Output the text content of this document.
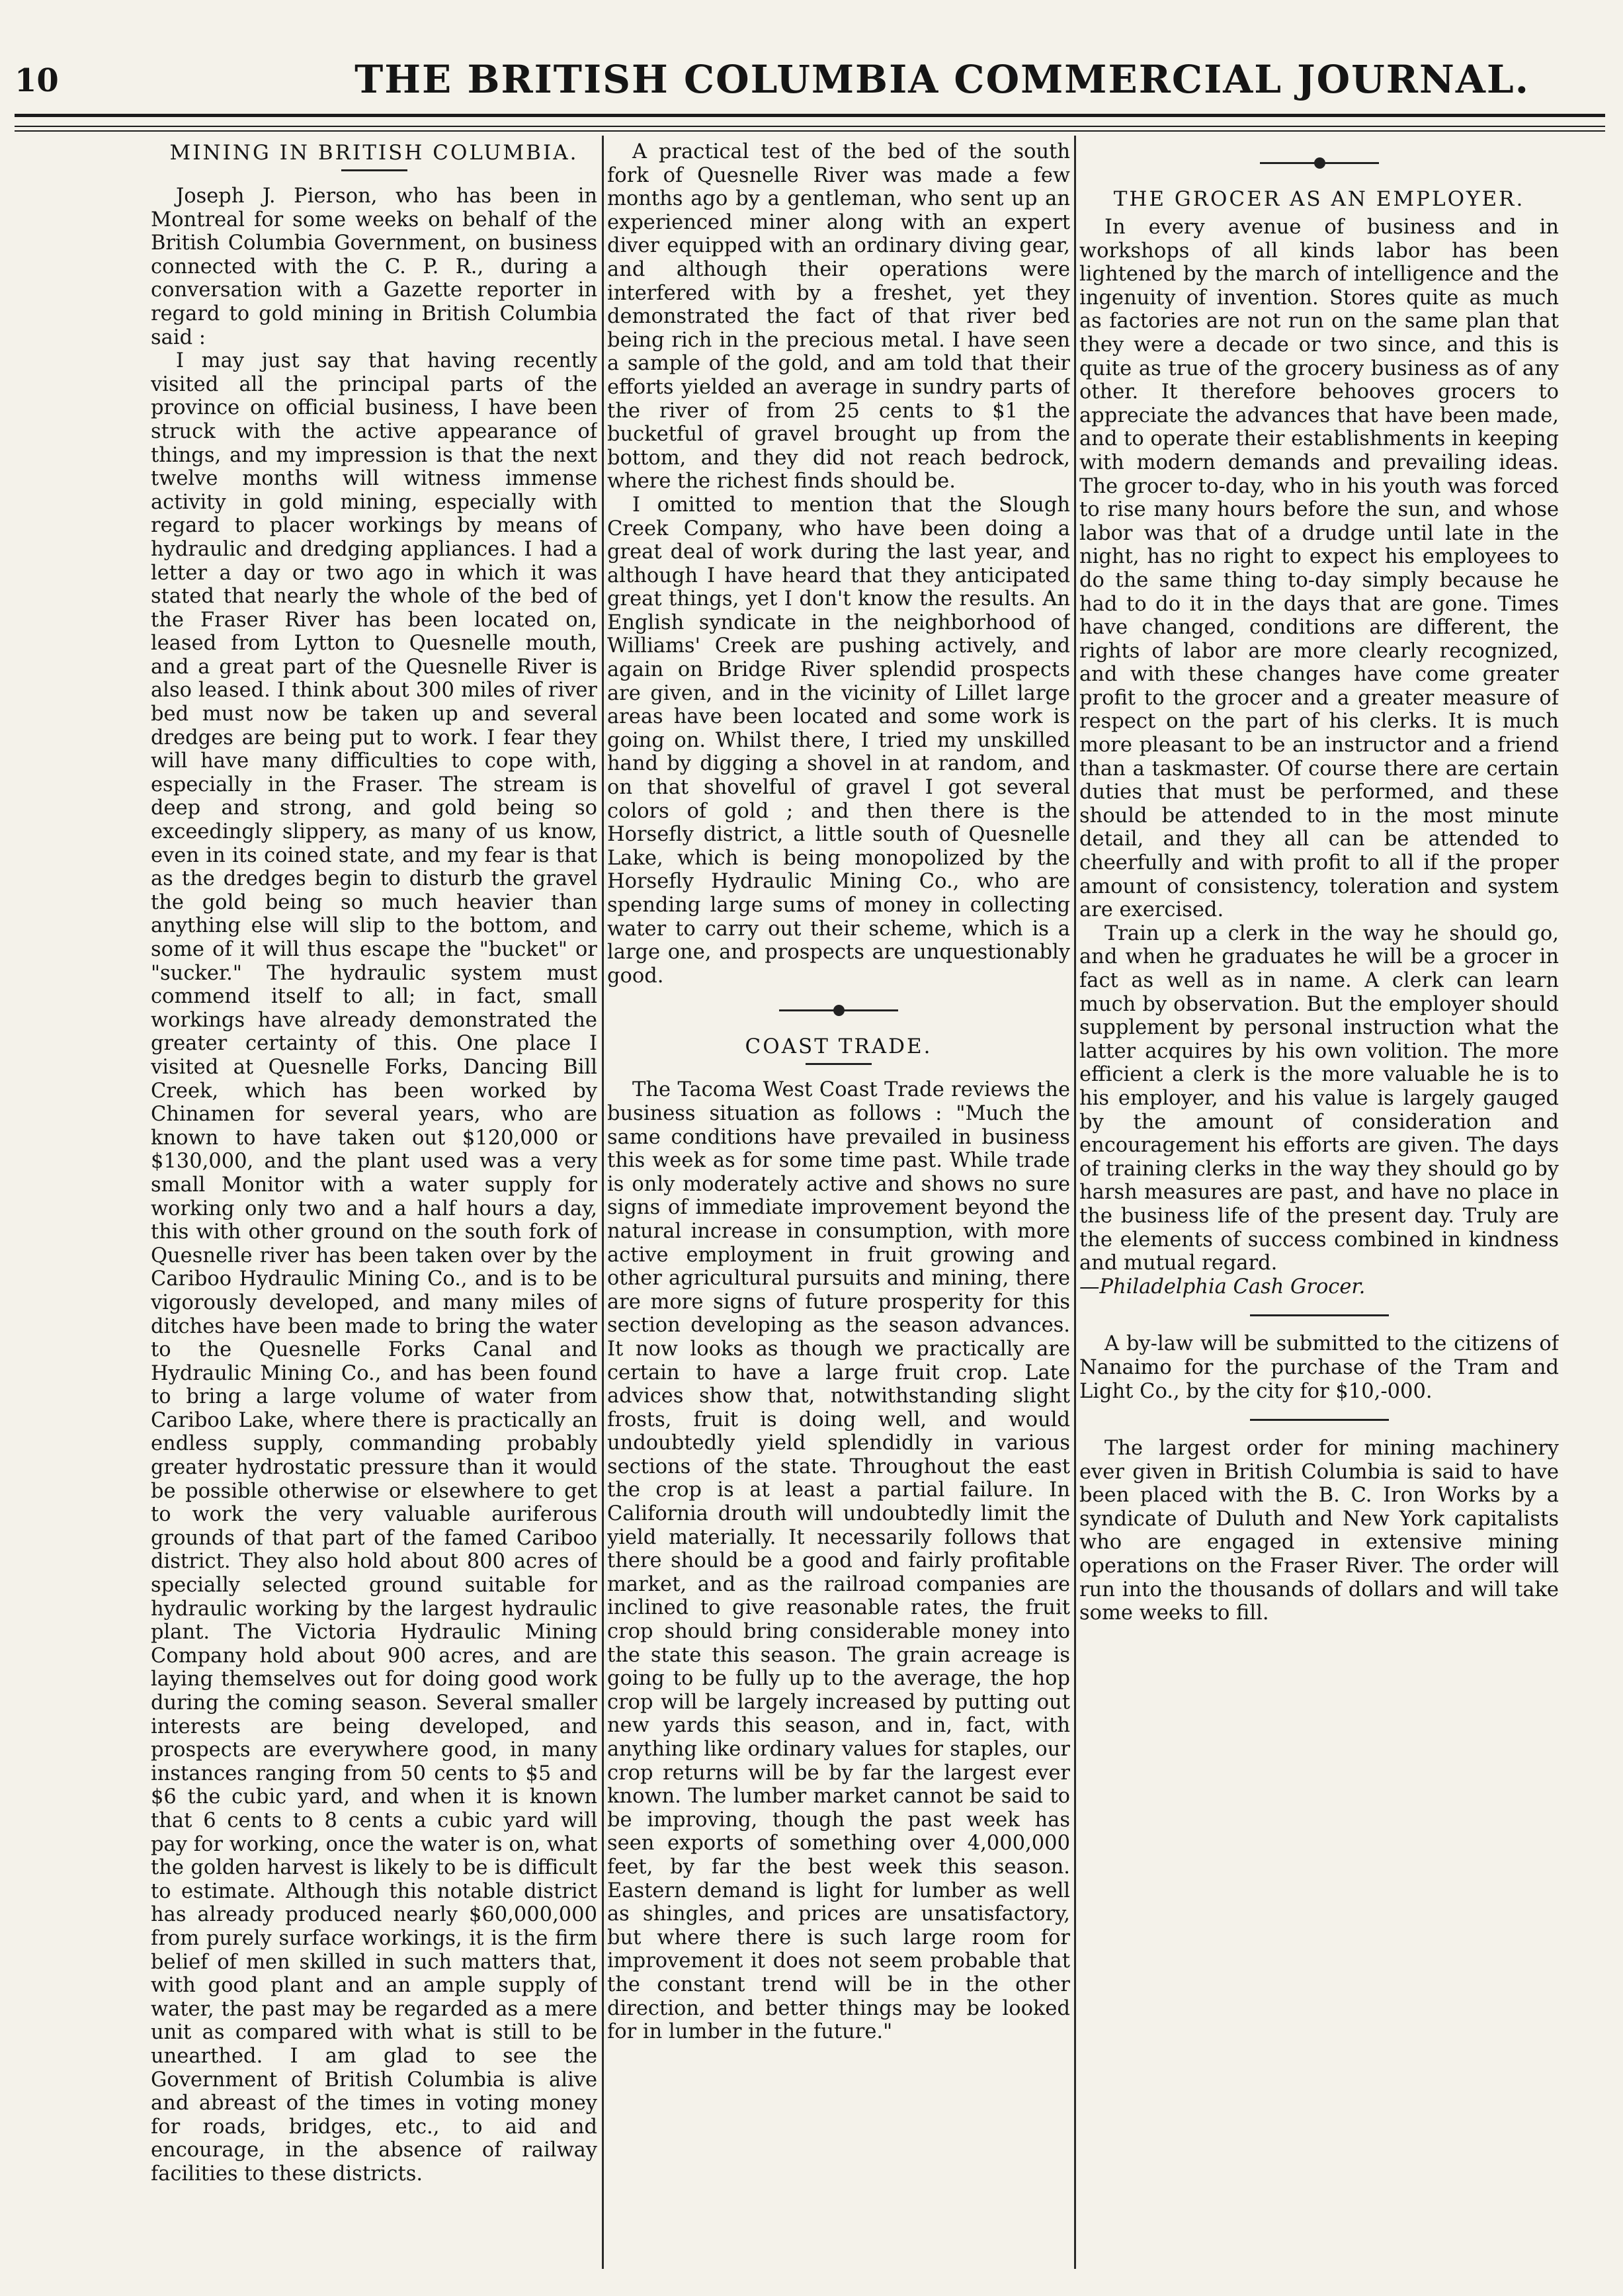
10	THE BRITISH COLUMBIA COMMERCIAL JOURNAL.
MINING IN BRITISH COLUMBIA.

Joseph J. Pierson, who has been in Montreal for some weeks on behalf of the British Columbia Government, on business connected with the C. P. R., during a conversation with a Gazette reporter in regard to gold mining in British Columbia said :

I may just say that having recently visited all the principal parts of the province on official business, I have been struck with the active appearance of things, and my impression is that the next twelve months will witness immense activity in gold mining, especially with regard to placer workings by means of hydraulic and dredging appliances. I had a letter a day or two ago in which it was stated that nearly the whole of the bed of the Fraser River has been located on, leased from Lytton to Quesnelle mouth, and a great part of the Quesnelle River is also leased. I think about 300 miles of river bed must now be taken up and several dredges are being put to work. I fear they will have many difficulties to cope with, especially in the Fraser. The stream is deep and strong, and gold being so exceedingly slippery, as many of us know, even in its coined state, and my fear is that as the dredges begin to disturb the gravel the gold being so much heavier than anything else will slip to the bottom, and some of it will thus escape the "bucket" or "sucker." The hydraulic system must commend itself to all; in fact, small workings have already demonstrated the greater certainty of this. One place I visited at Quesnelle Forks, Dancing Bill Creek, which has been worked by Chinamen for several years, who are known to have taken out $120,000 or $130,000, and the plant used was a very small Monitor with a water supply for working only two and a half hours a day, this with other ground on the south fork of Quesnelle river has been taken over by the Cariboo Hydraulic Mining Co., and is to be vigorously developed, and many miles of ditches have been made to bring the water to the Quesnelle Forks Canal and Hydraulic Mining Co., and has been found to bring a large volume of water from Cariboo Lake, where there is practically an endless supply, commanding probably greater hydrostatic pressure than it would be possible otherwise or elsewhere to get to work the very valuable auriferous grounds of that part of the famed Cariboo district. They also hold about 800 acres of specially selected ground suitable for hydraulic working by the largest hydraulic plant. The Victoria Hydraulic Mining Company hold about 900 acres, and are laying themselves out for doing good work during the coming season. Several smaller interests are being developed, and prospects are everywhere good, in many instances ranging from 50 cents to $5 and $6 the cubic yard, and when it is known that 6 cents to 8 cents a cubic yard will pay for working, once the water is on, what the golden harvest is likely to be is difficult to estimate. Although this notable district has already produced nearly $60,000,000 from purely surface workings, it is the firm belief of men skilled in such matters that, with good plant and an ample supply of water, the past may be regarded as a mere unit as compared with what is still to be unearthed. I am glad to see the Government of British Columbia is alive and abreast of the times in voting money for roads, bridges, etc., to aid and encourage, in the absence of railway facilities to these districts.

A practical test of the bed of the south fork of Quesnelle River was made a few months ago by a gentleman, who sent up an experienced miner along with an expert diver equipped with an ordinary diving gear, and although their operations were interfered with by a freshet, yet they demonstrated the fact of that river bed being rich in the precious metal. I have seen a sample of the gold, and am told that their efforts yielded an average in sundry parts of the river of from 25 cents to $1 the bucketful of gravel brought up from the bottom, and they did not reach bedrock, where the richest finds should be.

I omitted to mention that the Slough Creek Company, who have been doing a great deal of work during the last year, and although I have heard that they anticipated great things, yet I don't know the results. An English syndicate in the neighborhood of Williams' Creek are pushing actively, and again on Bridge River splendid prospects are given, and in the vicinity of Lillet large areas have been located and some work is going on. Whilst there, I tried my unskilled hand by digging a shovel in at random, and on that shovelful of gravel I got several colors of gold ; and then there is the Horsefly district, a little south of Quesnelle Lake, which is being monopolized by the Horsefly Hydraulic Mining Co., who are spending large sums of money in collecting water to carry out their scheme, which is a large one, and prospects are unquestionably good.

COAST TRADE.

The Tacoma West Coast Trade reviews the business situation as follows : "Much the same conditions have prevailed in business this week as for some time past. While trade is only moderately active and shows no sure signs of immediate improvement beyond the natural increase in consumption, with more active employment in fruit growing and other agricultural pursuits and mining, there are more signs of future prosperity for this section developing as the season advances. It now looks as though we practically are certain to have a large fruit crop. Late advices show that, notwithstanding slight frosts, fruit is doing well, and would undoubtedly yield splendidly in various sections of the state. Throughout the east the crop is at least a partial failure. In California drouth will undoubtedly limit the yield materially. It necessarily follows that there should be a good and fairly profitable market, and as the railroad companies are inclined to give reasonable rates, the fruit crop should bring considerable money into the state this season. The grain acreage is going to be fully up to the average, the hop crop will be largely increased by putting out new yards this season, and in, fact, with anything like ordinary values for staples, our crop returns will be by far the largest ever known. The lumber market cannot be said to be improving, though the past week has seen exports of something over 4,000,000 feet, by far the best week this season. Eastern demand is light for lumber as well as shingles, and prices are unsatisfactory, but where there is such large room for improvement it does not seem probable that the constant trend will be in the other direction, and better things may be looked for in lumber in the future."

THE GROCER AS AN EMPLOYER.

In every avenue of business and in workshops of all kinds labor has been lightened by the march of intelligence and the ingenuity of invention. Stores quite as much as factories are not run on the same plan that they were a decade or two since, and this is quite as true of the grocery business as of any other. It therefore behooves grocers to appreciate the advances that have been made, and to operate their establishments in keeping with modern demands and prevailing ideas. The grocer to-day, who in his youth was forced to rise many hours before the sun, and whose labor was that of a drudge until late in the night, has no right to expect his employees to do the same thing to-day simply because he had to do it in the days that are gone. Times have changed, conditions are different, the rights of labor are more clearly recognized, and with these changes have come greater profit to the grocer and a greater measure of respect on the part of his clerks. It is much more pleasant to be an instructor and a friend than a taskmaster. Of course there are certain duties that must be performed, and these should be attended to in the most minute detail, and they all can be attended to cheerfully and with profit to all if the proper amount of consistency, toleration and system are exercised.

Train up a clerk in the way he should go, and when he graduates he will be a grocer in fact as well as in name. A clerk can learn much by observation. But the employer should supplement by personal instruction what the latter acquires by his own volition. The more efficient a clerk is the more valuable he is to his employer, and his value is largely gauged by the amount of consideration and encouragement his efforts are given. The days of training clerks in the way they should go by harsh measures are past, and have no place in the business life of the present day. Truly are the elements of success combined in kindness and mutual regard.

—Philadelphia Cash Grocer.

A by-law will be submitted to the citizens of Nanaimo for the purchase of the Tram and Light Co., by the city for $10,-000.

The largest order for mining machinery ever given in British Columbia is said to have been placed with the B. C. Iron Works by a syndicate of Duluth and New York capitalists who are engaged in extensive mining operations on the Fraser River. The order will run into the thousands of dollars and will take some weeks to fill.
